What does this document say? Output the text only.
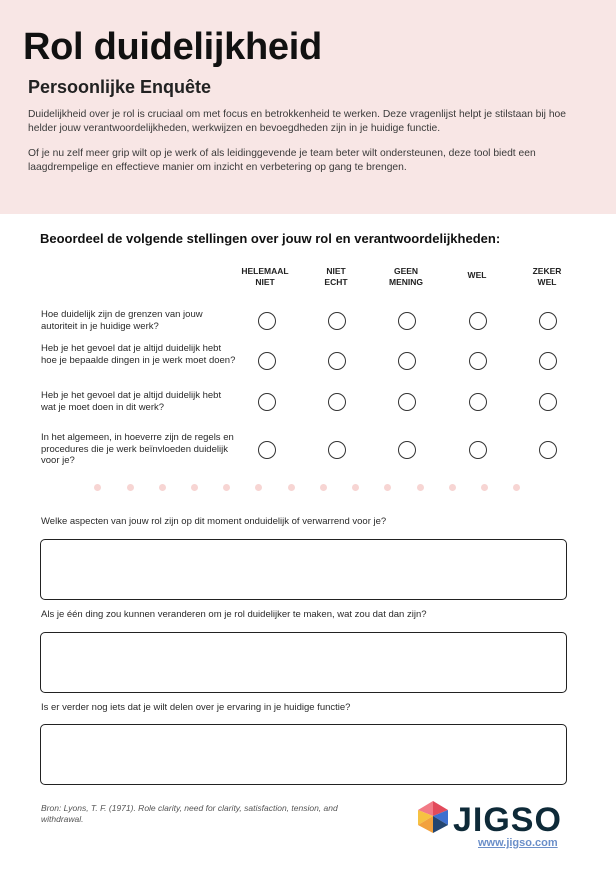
Rol duidelijkheid
Persoonlijke Enquête

Duidelijkheid over je rol is cruciaal om met focus en betrokkenheid te werken. Deze vragenlijst helpt je stilstaan bij hoe helder jouw verantwoordelijkheden, werkwijzen en bevoegdheden zijn in je huidige functie.

Of je nu zelf meer grip wilt op je werk of als leidinggevende je team beter wilt ondersteunen, deze tool biedt een laagdrempelige en effectieve manier om inzicht en verbetering op gang te brengen.

Beoordeel de volgende stellingen over jouw rol en verantwoordelijkheden:
HELEMAAL
NIET
NIET
ECHT
GEEN
MENING
WEL	ZEKER
WEL

Hoe duidelijk zijn de grenzen van jouw autoriteit in je huidige werk?

Heb je het gevoel dat je altijd duidelijk hebt hoe je bepaalde dingen in je werk moet doen?

Heb je het gevoel dat je altijd duidelijk hebt wat je moet doen in dit werk?

In het algemeen, in hoeverre zijn de regels en procedures die je werk beïnvloeden duidelijk voor je?

Welke aspecten van jouw rol zijn op dit moment onduidelijk of verwarrend voor je?

Als je één ding zou kunnen veranderen om je rol duidelijker te maken, wat zou dat dan zijn?

Is er verder nog iets dat je wilt delen over je ervaring in je huidige functie?

Bron: Lyons, T. F. (1971). Role clarity, need for clarity, satisfaction, tension, and withdrawal.	JIGSO
www.jigso.com
